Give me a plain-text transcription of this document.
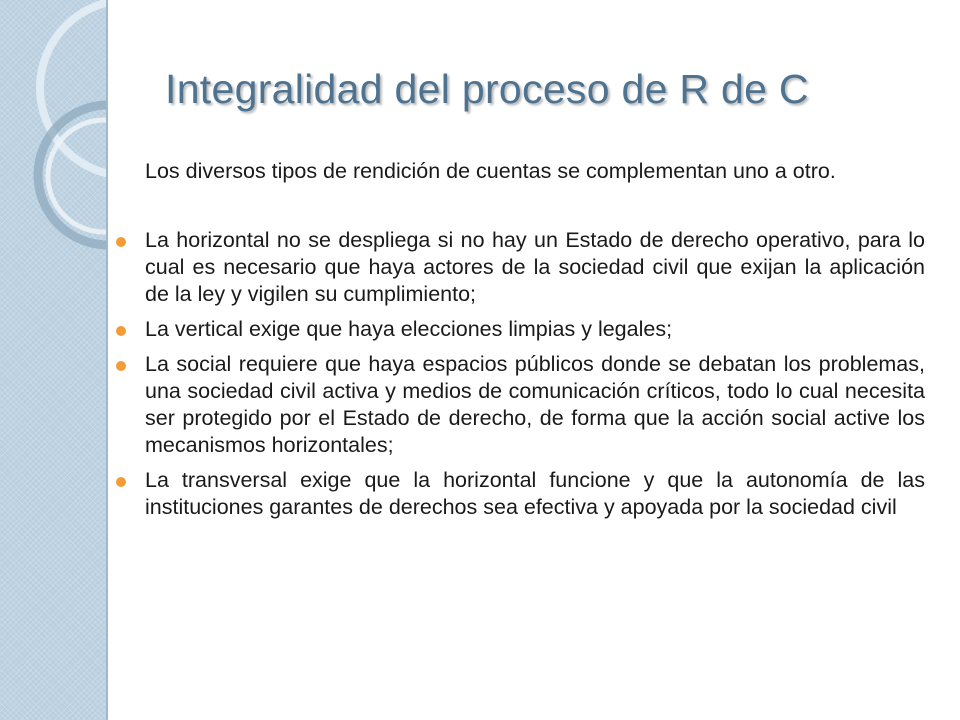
Integralidad del proceso de R de C

Los diversos tipos de rendición de cuentas se complementan uno a otro.

La horizontal no se despliega si no hay un Estado de derecho operativo, para lo cual es necesario que haya actores de la sociedad civil que exijan la aplicación de la ley y vigilen su cumplimiento;
La vertical exige que haya elecciones limpias y legales;
La social requiere que haya espacios públicos donde se debatan los problemas, una sociedad civil activa y medios de comunicación críticos, todo lo cual necesita ser protegido por el Estado de derecho, de forma que la acción social active los mecanismos horizontales;
La transversal exige que la horizontal funcione y que la autonomía de las instituciones garantes de derechos sea efectiva y apoyada por la sociedad civil
